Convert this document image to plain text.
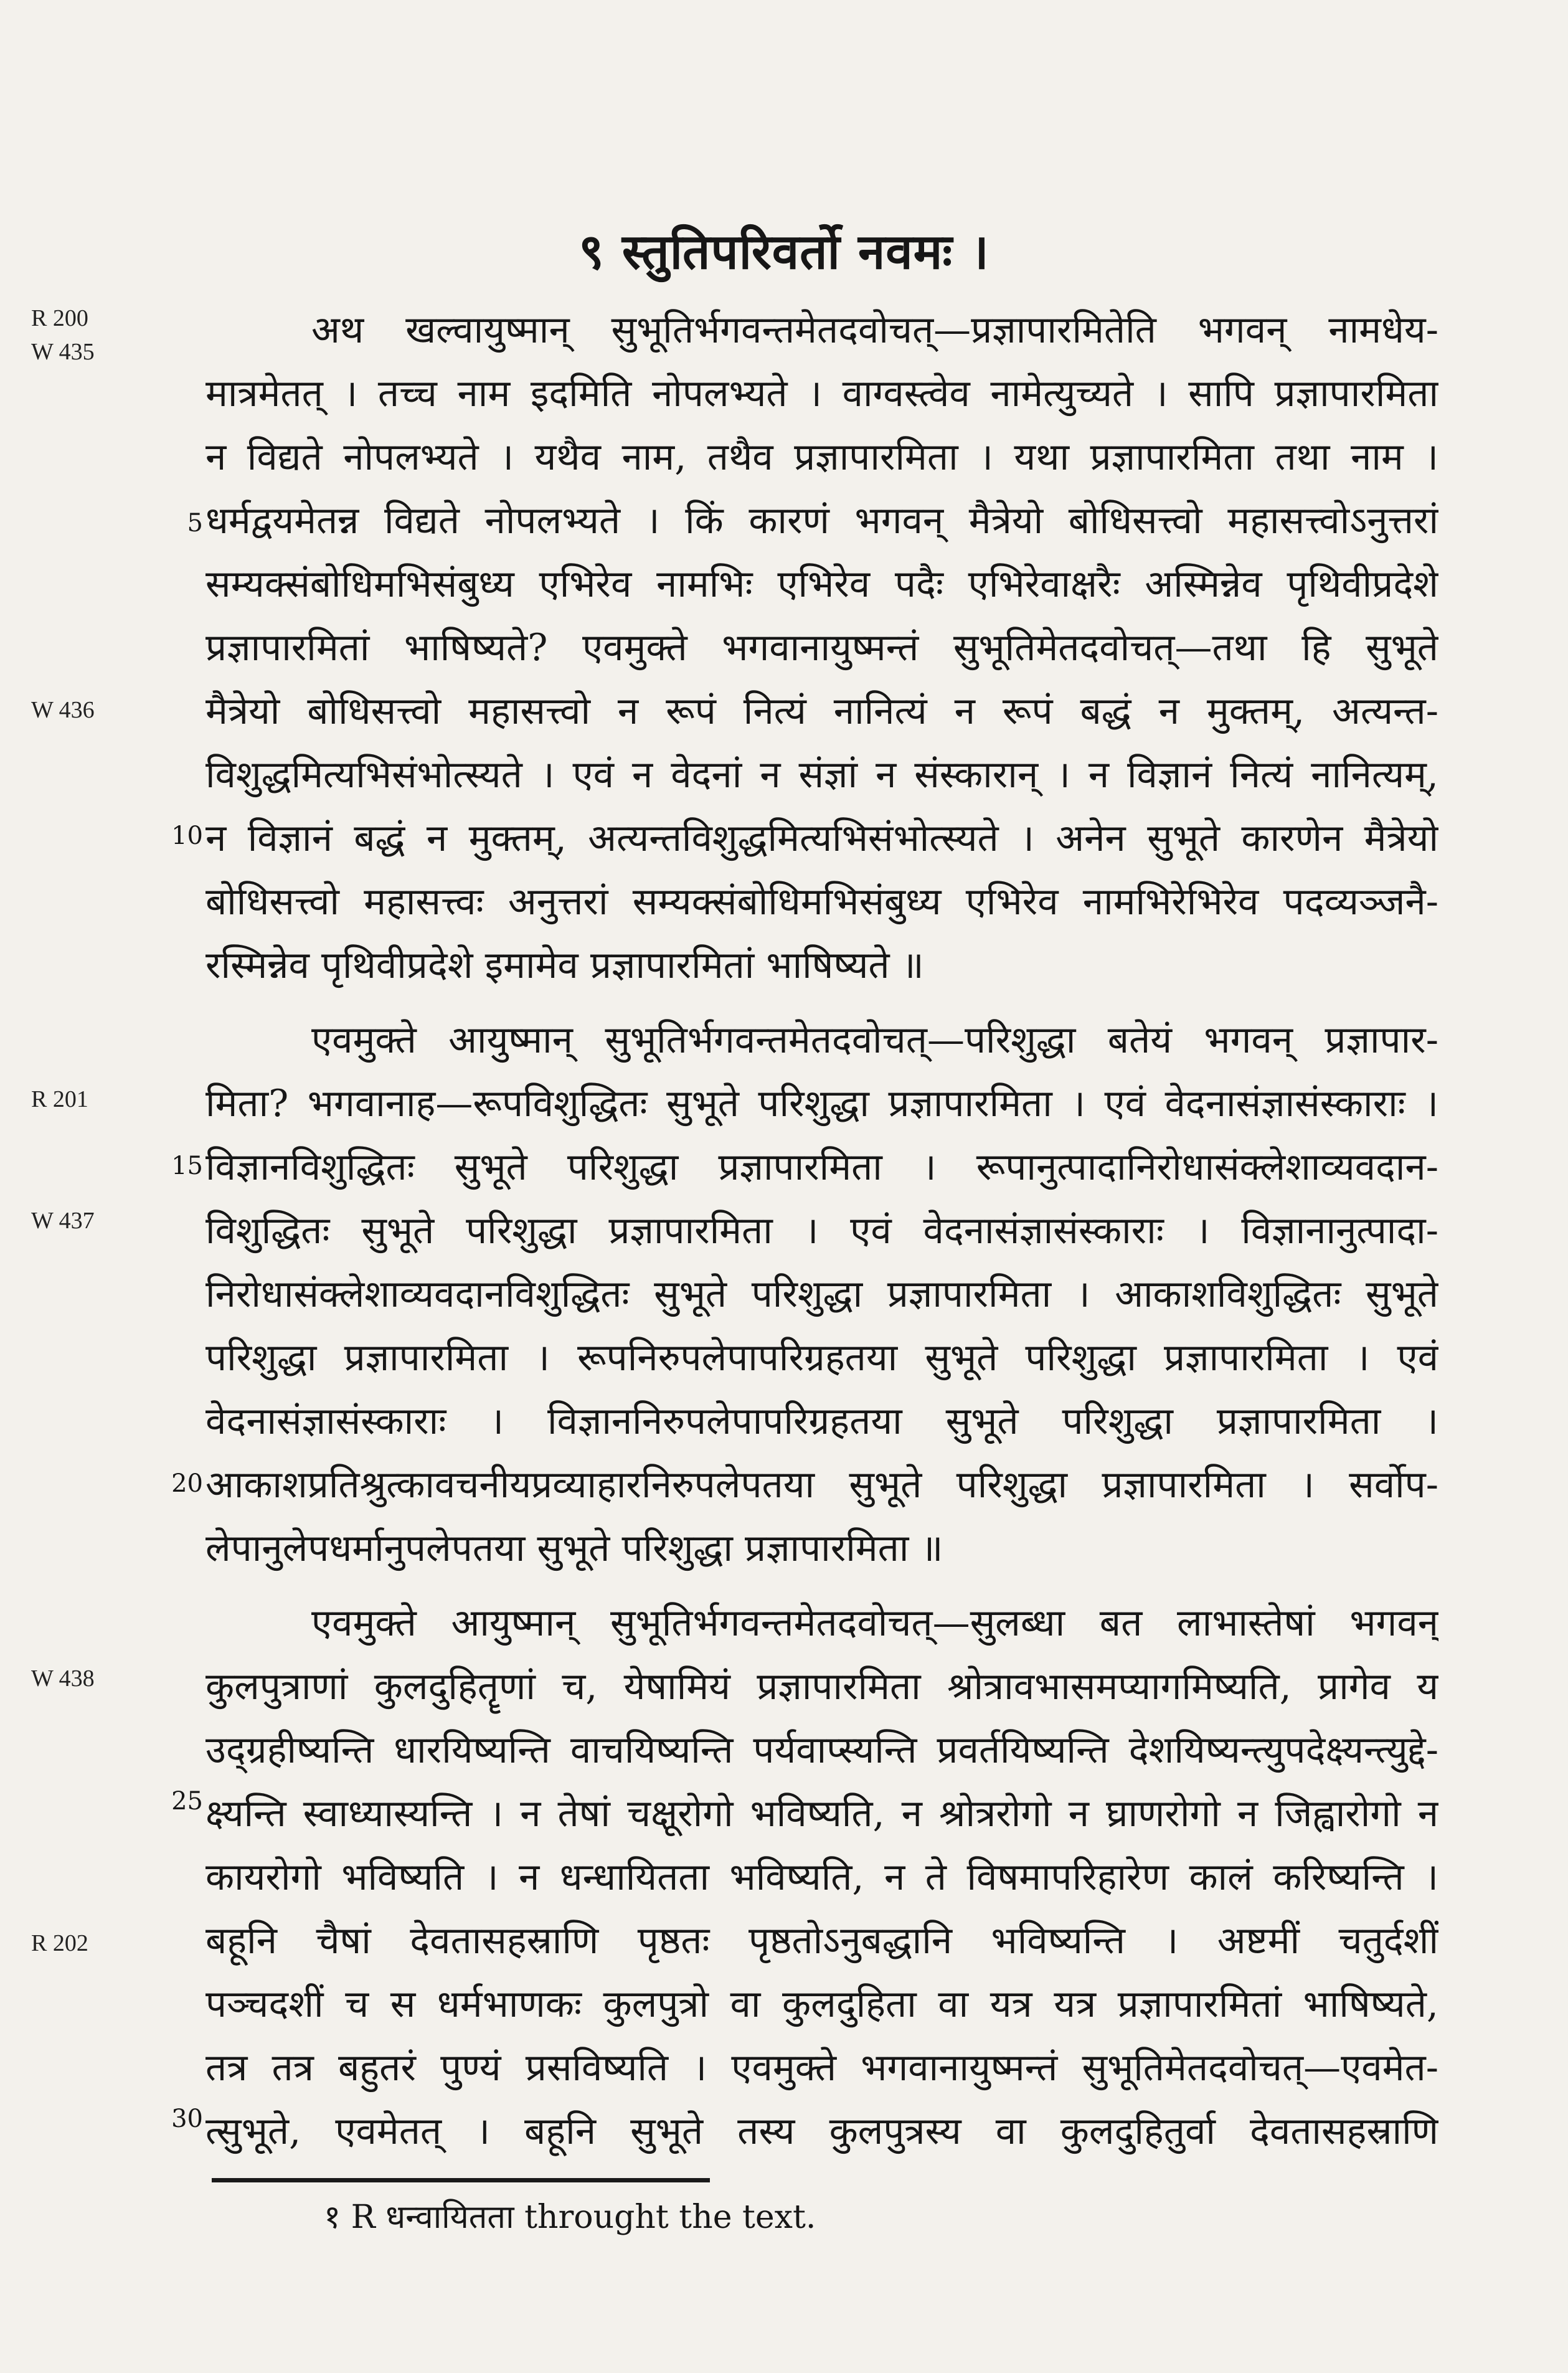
९ स्तुतिपरिवर्तो नवमः ।
R 200
W 435
W 436
R 201
W 437
W 438
R 202
5
10
15
20
25
30
अथ खल्वायुष्मान् सुभूतिर्भगवन्तमेतदवोचत्—प्रज्ञापारमितेति भगवन् नामधेय-
मात्रमेतत् । तच्च नाम इदमिति नोपलभ्यते । वाग्वस्त्वेव नामेत्युच्यते । सापि प्रज्ञापारमिता
न विद्यते नोपलभ्यते । यथैव नाम, तथैव प्रज्ञापारमिता । यथा प्रज्ञापारमिता तथा नाम ।
धर्मद्वयमेतन्न विद्यते नोपलभ्यते । किं कारणं भगवन् मैत्रेयो बोधिसत्त्वो महासत्त्वोऽनुत्तरां
सम्यक्संबोधिमभिसंबुध्य एभिरेव नामभिः एभिरेव पदैः एभिरेवाक्षरैः अस्मिन्नेव पृथिवीप्रदेशे
प्रज्ञापारमितां भाषिष्यते? एवमुक्ते भगवानायुष्मन्तं सुभूतिमेतदवोचत्—तथा हि सुभूते
मैत्रेयो बोधिसत्त्वो महासत्त्वो न रूपं नित्यं नानित्यं न रूपं बद्धं न मुक्तम्, अत्यन्त-
विशुद्धमित्यभिसंभोत्स्यते । एवं न वेदनां न संज्ञां न संस्कारान् । न विज्ञानं नित्यं नानित्यम्,
न विज्ञानं बद्धं न मुक्तम्, अत्यन्तविशुद्धमित्यभिसंभोत्स्यते । अनेन सुभूते कारणेन मैत्रेयो
बोधिसत्त्वो महासत्त्वः अनुत्तरां सम्यक्संबोधिमभिसंबुध्य एभिरेव नामभिरेभिरेव पदव्यञ्जनै-
रस्मिन्नेव पृथिवीप्रदेशे इमामेव प्रज्ञापारमितां भाषिष्यते ॥
एवमुक्ते आयुष्मान् सुभूतिर्भगवन्तमेतदवोचत्—परिशुद्धा बतेयं भगवन् प्रज्ञापार-
मिता? भगवानाह—रूपविशुद्धितः सुभूते परिशुद्धा प्रज्ञापारमिता । एवं वेदनासंज्ञासंस्काराः ।
विज्ञानविशुद्धितः सुभूते परिशुद्धा प्रज्ञापारमिता । रूपानुत्पादानिरोधासंक्लेशाव्यवदान-
विशुद्धितः सुभूते परिशुद्धा प्रज्ञापारमिता । एवं वेदनासंज्ञासंस्काराः । विज्ञानानुत्पादा-
निरोधासंक्लेशाव्यवदानविशुद्धितः सुभूते परिशुद्धा प्रज्ञापारमिता । आकाशविशुद्धितः सुभूते
परिशुद्धा प्रज्ञापारमिता । रूपनिरुपलेपापरिग्रहतया सुभूते परिशुद्धा प्रज्ञापारमिता । एवं
वेदनासंज्ञासंस्काराः । विज्ञाननिरुपलेपापरिग्रहतया सुभूते परिशुद्धा प्रज्ञापारमिता ।
आकाशप्रतिश्रुत्कावचनीयप्रव्याहारनिरुपलेपतया सुभूते परिशुद्धा प्रज्ञापारमिता । सर्वोप-
लेपानुलेपधर्मानुपलेपतया सुभूते परिशुद्धा प्रज्ञापारमिता ॥
एवमुक्ते आयुष्मान् सुभूतिर्भगवन्तमेतदवोचत्—सुलब्धा बत लाभास्तेषां भगवन्
कुलपुत्राणां कुलदुहितॄणां च, येषामियं प्रज्ञापारमिता श्रोत्रावभासमप्यागमिष्यति, प्रागेव य
उद्ग्रहीष्यन्ति धारयिष्यन्ति वाचयिष्यन्ति पर्यवाप्स्यन्ति प्रवर्तयिष्यन्ति देशयिष्यन्त्युपदेक्ष्यन्त्युद्दे-
क्ष्यन्ति स्वाध्यास्यन्ति । न तेषां चक्षूरोगो भविष्यति, न श्रोत्ररोगो न घ्राणरोगो न जिह्वारोगो न
कायरोगो भविष्यति । न धन्धायितता भविष्यति, न ते विषमापरिहारेण कालं करिष्यन्ति ।
बहूनि चैषां देवतासहस्राणि पृष्ठतः पृष्ठतोऽनुबद्धानि भविष्यन्ति । अष्टमीं चतुर्दशीं
पञ्चदशीं च स धर्मभाणकः कुलपुत्रो वा कुलदुहिता वा यत्र यत्र प्रज्ञापारमितां भाषिष्यते,
तत्र तत्र बहुतरं पुण्यं प्रसविष्यति । एवमुक्ते भगवानायुष्मन्तं सुभूतिमेतदवोचत्—एवमेत-
त्सुभूते, एवमेतत् । बहूनि सुभूते तस्य कुलपुत्रस्य वा कुलदुहितुर्वा देवतासहस्राणि
१ R धन्वायितता throught the text.
